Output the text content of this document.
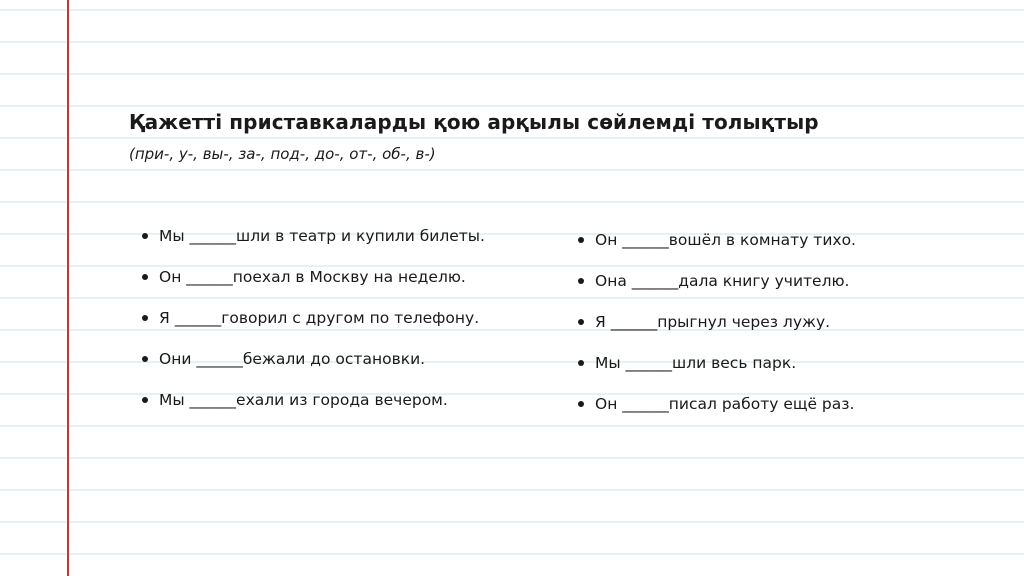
Қажетті приставкаларды қою арқылы сөйлемді толықтыр

(при-, у-, вы-, за-, под-, до-, от-, об-, в-)

Мы ______шли в театр и купили билеты.
Он ______поехал в Москву на неделю.
Я ______говорил с другом по телефону.
Они ______бежали до остановки.
Мы ______ехали из города вечером.
Он ______вошёл в комнату тихо.
Она ______дала книгу учителю.
Я ______прыгнул через лужу.
Мы ______шли весь парк.
Он ______писал работу ещё раз.
